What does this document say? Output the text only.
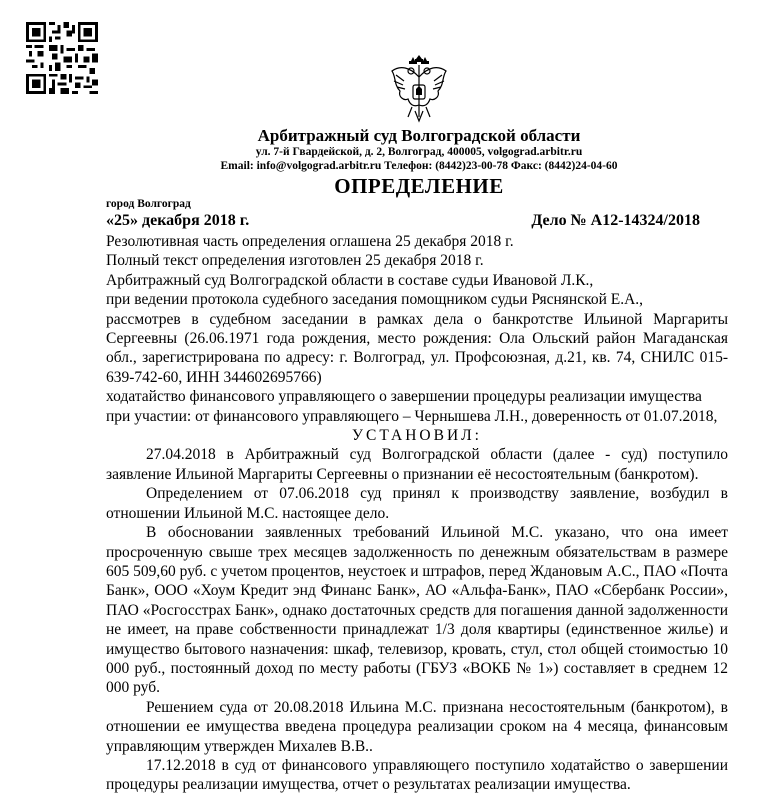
Арбитражный суд Волгоградской области
ул. 7-й Гвардейской, д. 2, Волгоград, 400005, volgograd.arbitr.ru
Email: info@volgograd.arbitr.ru Телефон: (8442)23-00-78 Факс: (8442)24-04-60
ОПРЕДЕЛЕНИЕ
город Волгоград
«25» декабря 2018 г.	Дело № А12-14324/2018

Резолютивная часть определения оглашена 25 декабря 2018 г.

Полный текст определения изготовлен 25 декабря 2018 г.

Арбитражный суд Волгоградской области в составе судьи Ивановой Л.К.,

при ведении протокола судебного заседания помощником судьи Ряснянской Е.А.,

рассмотрев в судебном заседании в рамках дела о банкротстве Ильиной Маргариты Сергеевны (26.06.1971 года рождения, место рождения: Ола Ольский район Магаданская обл., зарегистрирована по адресу: г. Волгоград, ул. Профсоюзная, д.21, кв. 74, СНИЛС 015-639-742-60, ИНН 344602695766)

ходатайство финансового управляющего о завершении процедуры реализации имущества

при участии: от финансового управляющего – Чернышева Л.Н., доверенность от 01.07.2018,

УСТАНОВИЛ:

27.04.2018 в Арбитражный суд Волгоградской области (далее - суд) поступило заявление Ильиной Маргариты Сергеевны о признании её несостоятельным (банкротом).

Определением от 07.06.2018 суд принял к производству заявление, возбудил в отношении Ильиной М.С. настоящее дело.

В обосновании заявленных требований Ильиной М.С. указано, что она имеет просроченную свыше трех месяцев задолженность по денежным обязательствам в размере 605 509,60 руб. с учетом процентов, неустоек и штрафов, перед Ждановым А.С., ПАО «Почта Банк», ООО «Хоум Кредит энд Финанс Банк», АО «Альфа-Банк», ПАО «Сбербанк России», ПАО «Росгосстрах Банк», однако достаточных средств для погашения данной задолженности не имеет, на праве собственности принадлежат 1/3 доля квартиры (единственное жилье) и имущество бытового назначения: шкаф, телевизор, кровать, стул, стол общей стоимостью 10 000 руб., постоянный доход по месту работы (ГБУЗ «ВОКБ № 1») составляет в среднем 12 000 руб.

Решением суда от 20.08.2018 Ильина М.С. признана несостоятельным (банкротом), в отношении ее имущества введена процедура реализации сроком на 4 месяца, финансовым управляющим утвержден Михалев В.В..

17.12.2018 в суд от финансового управляющего поступило ходатайство о завершении процедуры реализации имущества, отчет о результатах реализации имущества.
